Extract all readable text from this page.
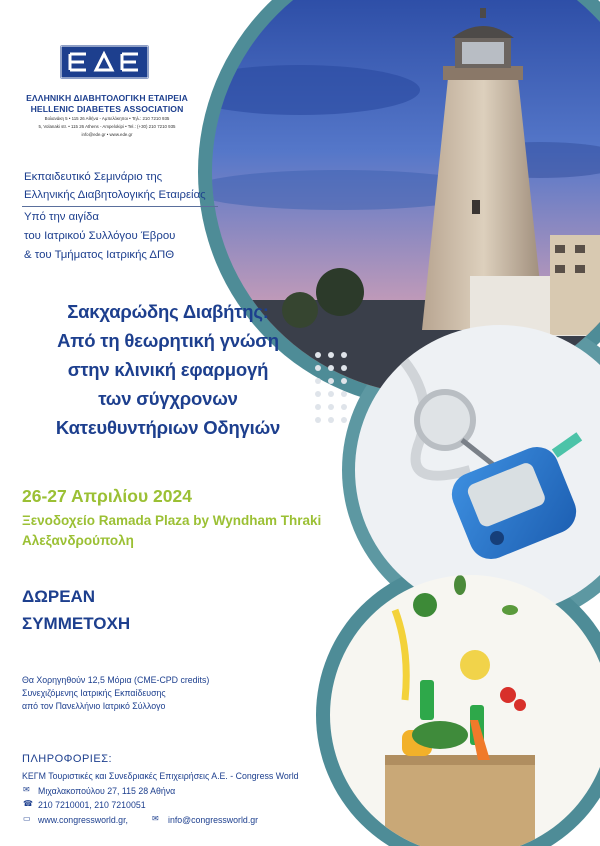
ΕΛΛΗΝΙΚΗ ΔΙΑΒΗΤΟΛΟΓΙΚΗ ΕΤΑΙΡΕΙΑ
HELLENIC DIABETES ASSOCIATION
Βολανάκη 5 • 115 26 Αθήνα - Αμπελόκηποι • Τηλ.: 210 7210 935
5, Volanaki str. • 115 26 Athens - Ampelokipi • Tel.: (+30) 210 7210 935
info@ede.gr • www.ede.gr
Εκπαιδευτικό Σεμινάριο της
Ελληνικής Διαβητολογικής Εταιρείας
Υπό την αιγίδα
του Ιατρικού Συλλόγου Έβρου
& του Τμήματος Ιατρικής ΔΠΘ
Σακχαρώδης Διαβήτης:
Από τη θεωρητική γνώση
στην κλινική εφαρμογή
των σύγχρονων
Κατευθυντήριων Οδηγιών
26-27 Απριλίου 2024
Ξενοδοχείο Ramada Plaza by Wyndham Thraki
Αλεξανδρούπολη
ΔΩΡΕΑΝ
ΣΥΜΜΕΤΟΧΗ
Θα Χορηγηθούν 12,5 Μόρια (CME-CPD credits)
Συνεχιζόμενης Ιατρικής Εκπαίδευσης
από τον Πανελλήνιο Ιατρικό Σύλλογο
ΠΛΗΡΟΦΟΡΙΕΣ:
ΚΕΓΜ Τουριστικές και Συνεδριακές Επιχειρήσεις Α.Ε. - Congress World
✉ Μιχαλακοπούλου 27, 115 28 Αθήνα
☎ 210 7210001, 210 7210051
▭ www.congressworld.gr,	✉ info@congressworld.gr
